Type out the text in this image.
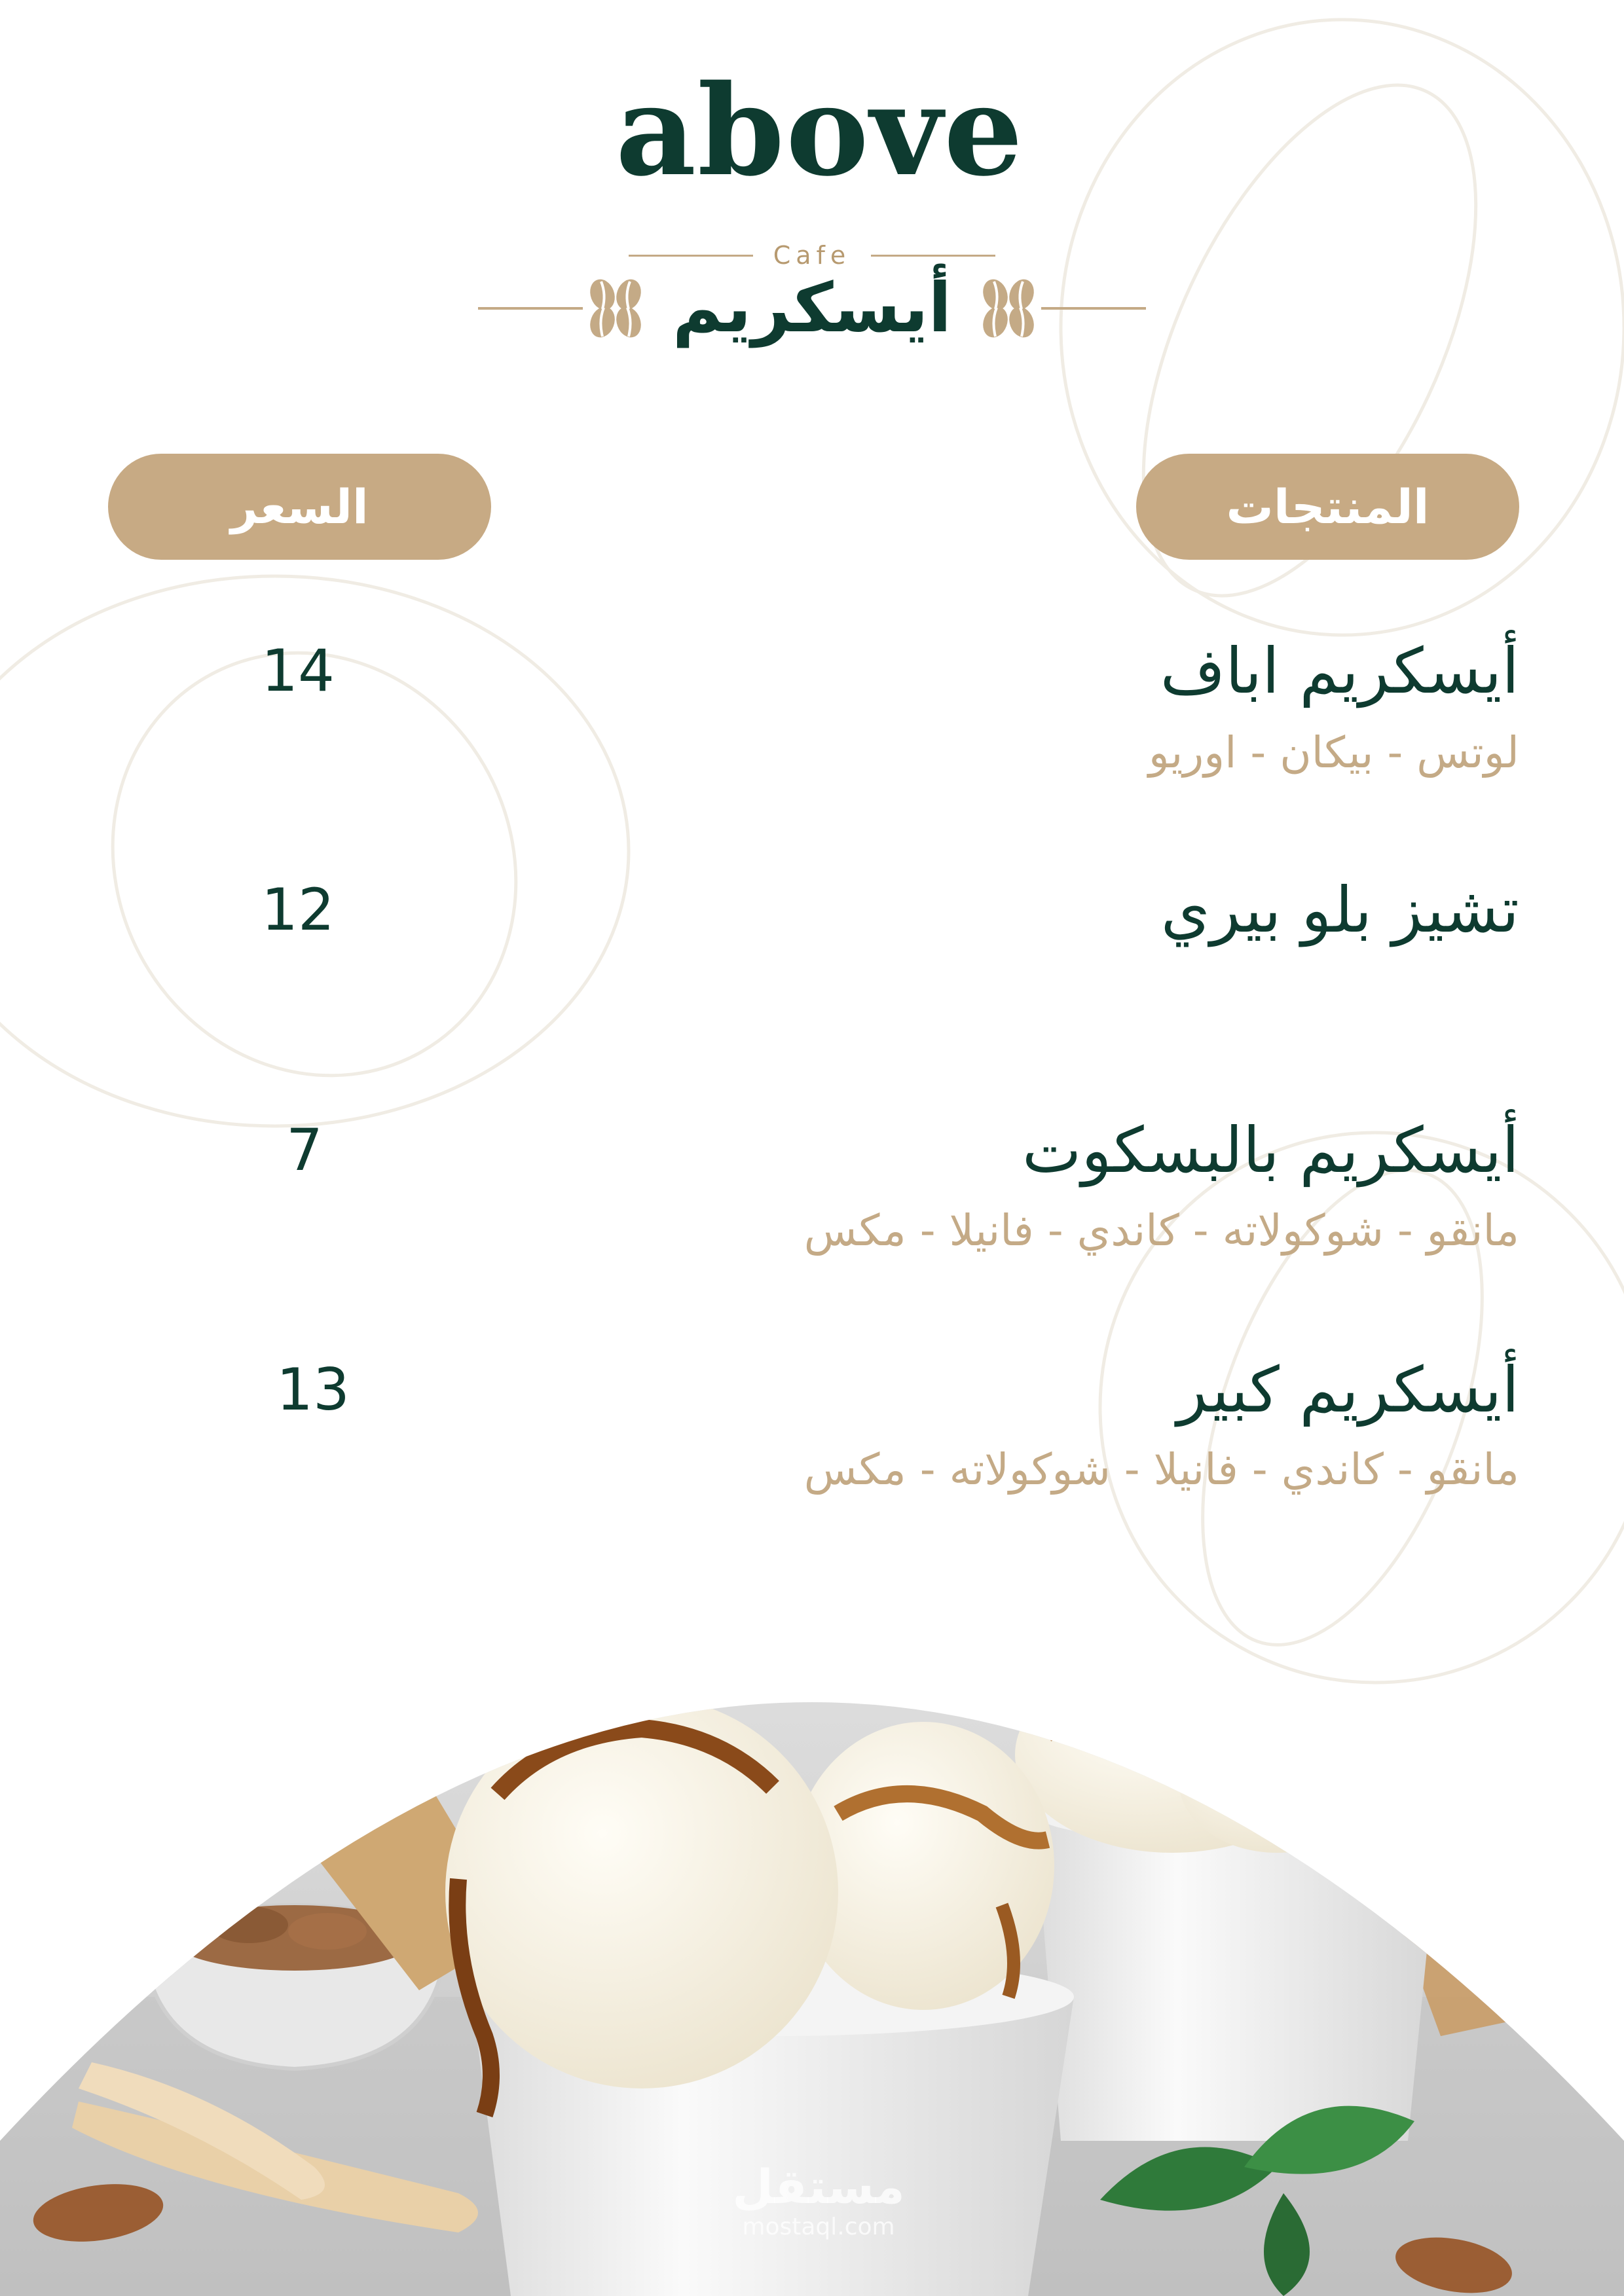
above
Cafe
أيسكريم
المنتجات
السعر
أيسكريم اباف
لوتس - بيكان - اوريو
14
تشيز بلو بيري
12
أيسكريم بالبسكوت
مانقو - شوكولاته - كاندي - فانيلا - مكس
7
أيسكريم كبير
مانقو - كاندي - فانيلا - شوكولاته - مكس
13
مستقل
mostaql.com
